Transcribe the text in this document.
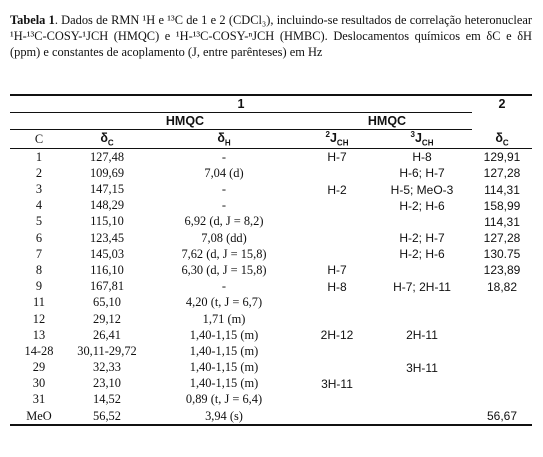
Tabela 1. Dados de RMN ¹H e ¹³C de 1 e 2 (CDCl₃), incluindo-se resultados de correlação heteronuclear ¹H-¹³C-COSY-¹JCH (HMQC) e ¹H-¹³C-COSY-ⁿJCH (HMBC). Deslocamentos químicos em δC e δH (ppm) e constantes de acoplamento (J, entre parênteses) em Hz
1					2
	HMQC		HMQC		
C	$\delta_C$	$\delta_H$	$^2J_{CH}$	$^3J_{CH}$	$\delta_C$
1	127,48	-	H-7	H-8	129,91
2	109,69	7,04 (d)		H-6; H-7	127,28
3	147,15	-	H-2	H-5; MeO-3	114,31
4	148,29	-		H-2; H-6	158,99
5	115,10	6,92 (d, J = 8,2)			114,31
6	123,45	7,08 (dd)		H-2; H-7	127,28
7	145,03	7,62 (d, J = 15,8)		H-2; H-6	130.75
8	116,10	6,30 (d, J = 15,8)	H-7		123,89
9	167,81	-	H-8	H-7; 2H-11	18,82
11	65,10	4,20 (t, J = 6,7)			
12	29,12	1,71 (m)			
13	26,41	1,40-1,15 (m)	2H-12	2H-11	
14-28	30,11-29,72	1,40-1,15 (m)			
29	32,33	1,40-1,15 (m)		3H-11	
30	23,10	1,40-1,15 (m)	3H-11		
31	14,52	0,89 (t, J = 6,4)			
MeO	56,52	3,94 (s)			56,67
